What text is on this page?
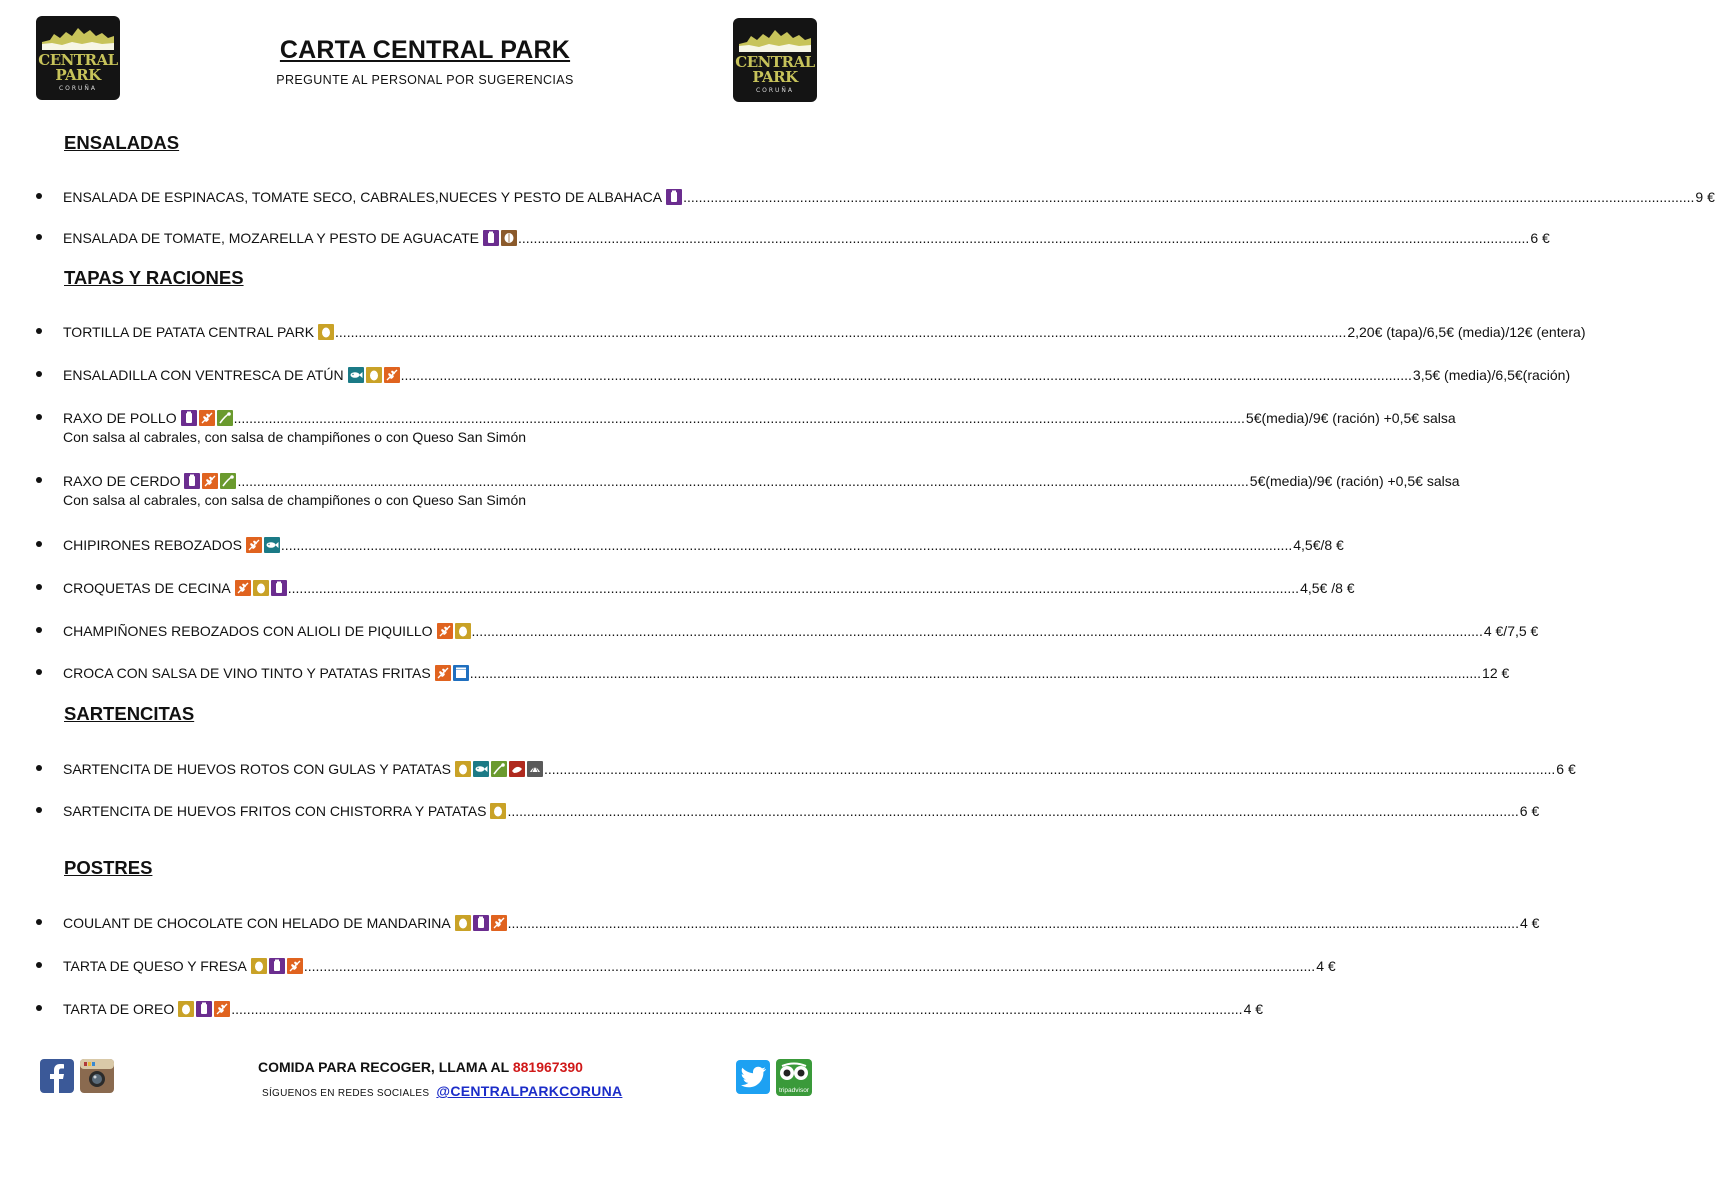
CENTRAL
PARK
CORUÑA
CENTRAL
PARK
CORUÑA
CARTA CENTRAL PARK
PREGUNTE AL PERSONAL POR SUGERENCIAS
ENSALADAS
ENSALADA DE ESPINACAS, TOMATE SECO, CABRALES,NUECES Y PESTO DE ALBAHACA .................................................................................................................................................................................................................................................................... 9 €
ENSALADA DE TOMATE, MOZARELLA Y PESTO DE AGUACATE	.................................................................................................................................................................................................................................................................... 6 €
TAPAS Y RACIONES
TORTILLA DE PATATA CENTRAL PARK .................................................................................................................................................................................................................................................................... 2,20€ (tapa)/6,5€ (media)/12€ (entera)
ENSALADILLA CON VENTRESCA DE ATÚN	.................................................................................................................................................................................................................................................................... 3,5€ (media)/6,5€(ración)
RAXO DE POLLO	.................................................................................................................................................................................................................................................................... 5€(media)/9€ (ración) +0,5€ salsa
Con salsa al cabrales, con salsa de champiñones o con Queso San Simón
RAXO DE CERDO	.................................................................................................................................................................................................................................................................... 5€(media)/9€ (ración) +0,5€ salsa
Con salsa al cabrales, con salsa de champiñones o con Queso San Simón
CHIPIRONES REBOZADOS	.................................................................................................................................................................................................................................................................... 4,5€/8 €
CROQUETAS DE CECINA	.................................................................................................................................................................................................................................................................... 4,5€ /8 €
CHAMPIÑONES REBOZADOS CON ALIOLI DE PIQUILLO	.................................................................................................................................................................................................................................................................... 4 €/7,5 €
CROCA CON SALSA DE VINO TINTO Y PATATAS FRITAS	.................................................................................................................................................................................................................................................................... 12 €
SARTENCITAS
SARTENCITA DE HUEVOS ROTOS CON GULAS Y PATATAS	.................................................................................................................................................................................................................................................................... 6 €
SARTENCITA DE HUEVOS FRITOS CON CHISTORRA Y PATATAS .................................................................................................................................................................................................................................................................... 6 €
POSTRES
COULANT DE CHOCOLATE CON HELADO DE MANDARINA	.................................................................................................................................................................................................................................................................... 4 €
TARTA DE QUESO Y FRESA	.................................................................................................................................................................................................................................................................... 4 €
TARTA DE OREO	.................................................................................................................................................................................................................................................................... 4 €
COMIDA PARA RECOGER, LLAMA AL 881967390
SÍGUENOS EN REDES SOCIALES @CENTRALPARKCORUNA	tripadvisor
